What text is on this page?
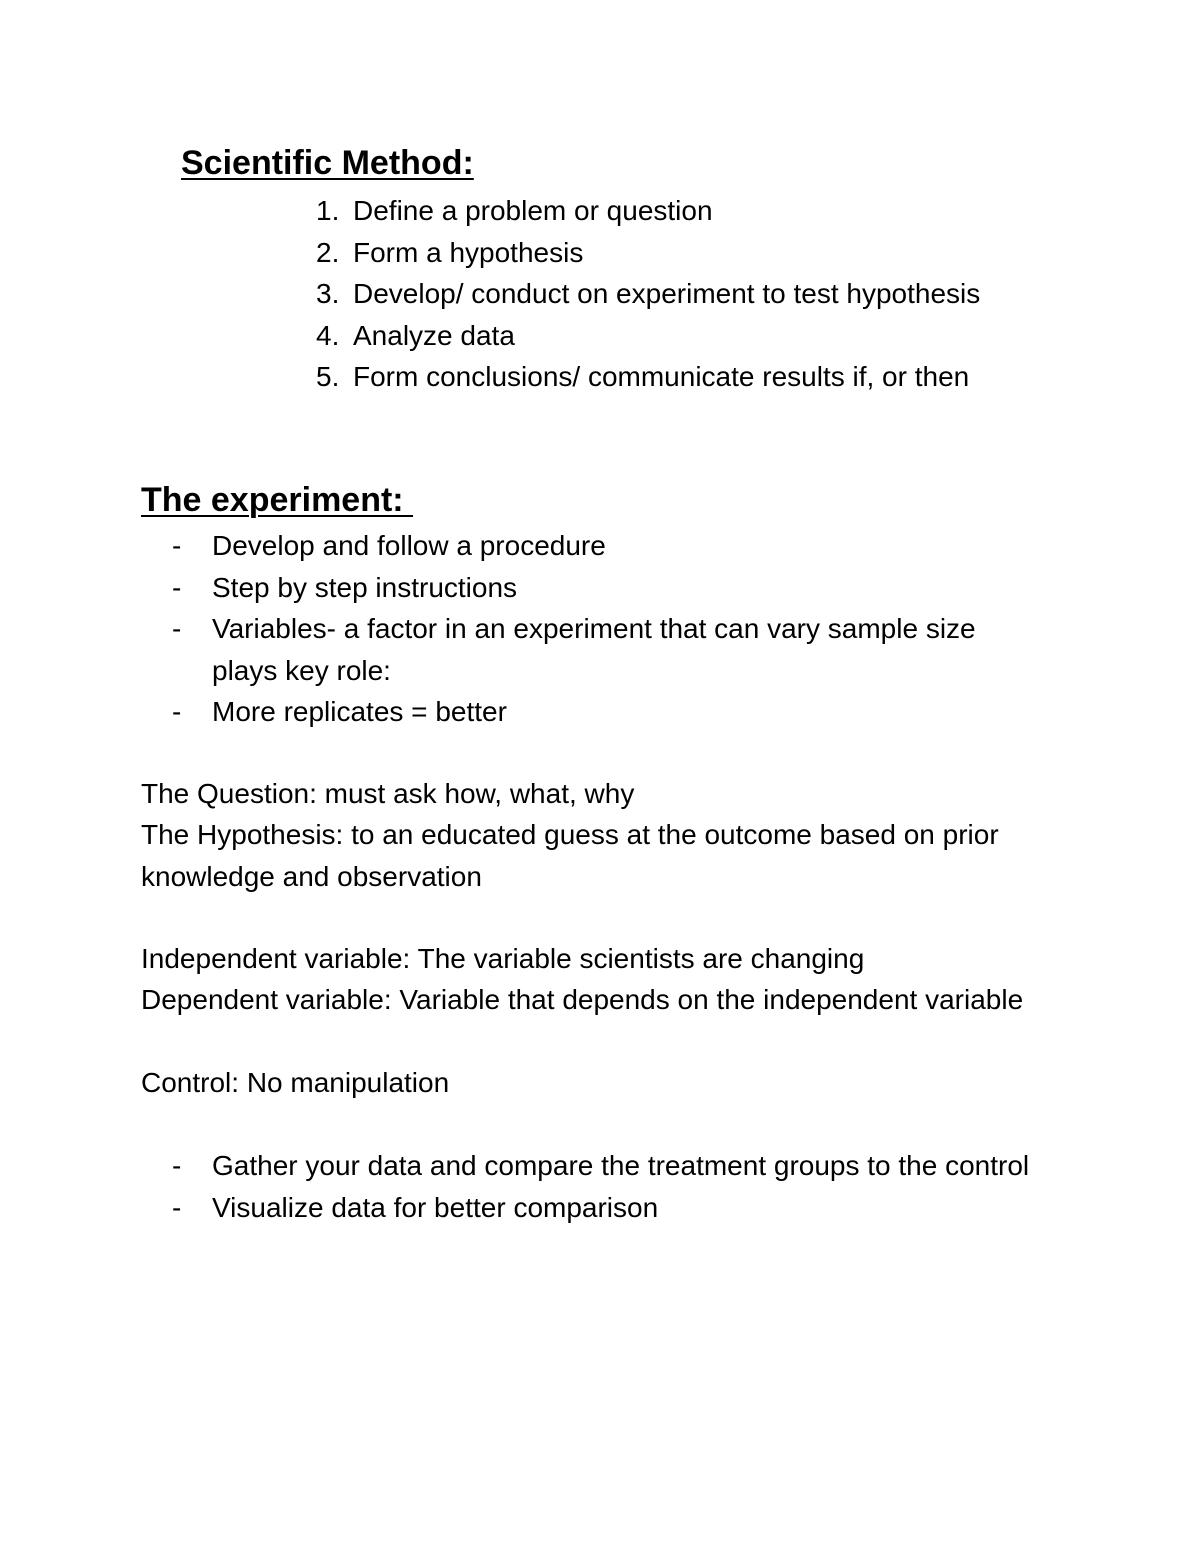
Scientific Method:
1. Define a problem or question
2. Form a hypothesis
3. Develop/ conduct on experiment to test hypothesis
4. Analyze data
5. Form conclusions/ communicate results if, or then
The experiment:
-	Develop and follow a procedure
-	Step by step instructions
-	Variables- a factor in an experiment that can vary sample size plays key role:
-	More replicates = better

The Question: must ask how, what, why

The Hypothesis: to an educated guess at the outcome based on prior knowledge and observation

Independent variable: The variable scientists are changing

Dependent variable: Variable that depends on the independent variable

Control: No manipulation

-	Gather your data and compare the treatment groups to the control
-	Visualize data for better comparison
